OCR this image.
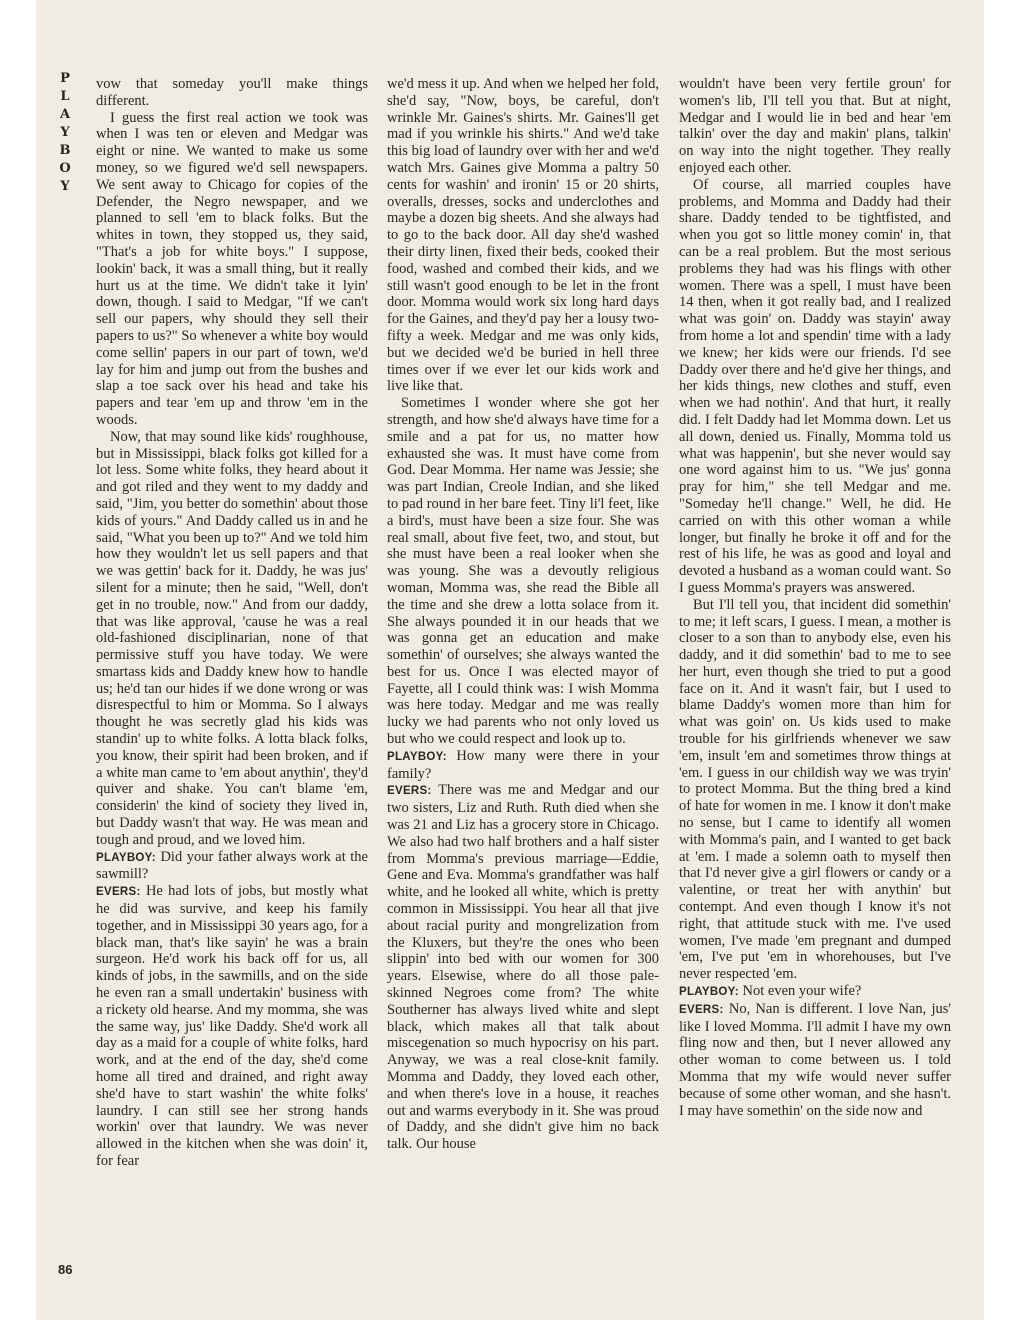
P
L
A
Y
B
O
Y

vow that someday you'll make things different.

I guess the first real action we took was when I was ten or eleven and Medgar was eight or nine. We wanted to make us some money, so we figured we'd sell newspapers. We sent away to Chicago for copies of the Defender, the Negro newspaper, and we planned to sell 'em to black folks. But the whites in town, they stopped us, they said, "That's a job for white boys." I suppose, lookin' back, it was a small thing, but it really hurt us at the time. We didn't take it lyin' down, though. I said to Medgar, "If we can't sell our papers, why should they sell their papers to us?" So whenever a white boy would come sellin' papers in our part of town, we'd lay for him and jump out from the bushes and slap a toe sack over his head and take his papers and tear 'em up and throw 'em in the woods.

Now, that may sound like kids' roughhouse, but in Mississippi, black folks got killed for a lot less. Some white folks, they heard about it and got riled and they went to my daddy and said, "Jim, you better do somethin' about those kids of yours." And Daddy called us in and he said, "What you been up to?" And we told him how they wouldn't let us sell papers and that we was gettin' back for it. Daddy, he was jus' silent for a minute; then he said, "Well, don't get in no trouble, now." And from our daddy, that was like approval, 'cause he was a real old-fashioned disciplinarian, none of that permissive stuff you have today. We were smartass kids and Daddy knew how to handle us; he'd tan our hides if we done wrong or was disrespectful to him or Momma. So I always thought he was secretly glad his kids was standin' up to white folks. A lotta black folks, you know, their spirit had been broken, and if a white man came to 'em about anythin', they'd quiver and shake. You can't blame 'em, considerin' the kind of society they lived in, but Daddy wasn't that way. He was mean and tough and proud, and we loved him.

PLAYBOY: Did your father always work at the sawmill?

EVERS: He had lots of jobs, but mostly what he did was survive, and keep his family together, and in Mississippi 30 years ago, for a black man, that's like sayin' he was a brain surgeon. He'd work his back off for us, all kinds of jobs, in the sawmills, and on the side he even ran a small undertakin' business with a rickety old hearse. And my momma, she was the same way, jus' like Daddy. She'd work all day as a maid for a couple of white folks, hard work, and at the end of the day, she'd come home all tired and drained, and right away she'd have to start washin' the white folks' laundry. I can still see her strong hands workin' over that laundry. We was never allowed in the kitchen when she was doin' it, for fear

we'd mess it up. And when we helped her fold, she'd say, "Now, boys, be careful, don't wrinkle Mr. Gaines's shirts. Mr. Gaines'll get mad if you wrinkle his shirts." And we'd take this big load of laundry over with her and we'd watch Mrs. Gaines give Momma a paltry 50 cents for washin' and ironin' 15 or 20 shirts, overalls, dresses, socks and underclothes and maybe a dozen big sheets. And she always had to go to the back door. All day she'd washed their dirty linen, fixed their beds, cooked their food, washed and combed their kids, and we still wasn't good enough to be let in the front door. Momma would work six long hard days for the Gaines, and they'd pay her a lousy two-fifty a week. Medgar and me was only kids, but we decided we'd be buried in hell three times over if we ever let our kids work and live like that.

Sometimes I wonder where she got her strength, and how she'd always have time for a smile and a pat for us, no matter how exhausted she was. It must have come from God. Dear Momma. Her name was Jessie; she was part Indian, Creole Indian, and she liked to pad round in her bare feet. Tiny li'l feet, like a bird's, must have been a size four. She was real small, about five feet, two, and stout, but she must have been a real looker when she was young. She was a devoutly religious woman, Momma was, she read the Bible all the time and she drew a lotta solace from it. She always pounded it in our heads that we was gonna get an education and make somethin' of ourselves; she always wanted the best for us. Once I was elected mayor of Fayette, all I could think was: I wish Momma was here today. Medgar and me was really lucky we had parents who not only loved us but who we could respect and look up to.

PLAYBOY: How many were there in your family?

EVERS: There was me and Medgar and our two sisters, Liz and Ruth. Ruth died when she was 21 and Liz has a grocery store in Chicago. We also had two half brothers and a half sister from Momma's previous marriage—Eddie, Gene and Eva. Momma's grandfather was half white, and he looked all white, which is pretty common in Mississippi. You hear all that jive about racial purity and mongrelization from the Kluxers, but they're the ones who been slippin' into bed with our women for 300 years. Elsewise, where do all those pale-skinned Negroes come from? The white Southerner has always lived white and slept black, which makes all that talk about miscegenation so much hypocrisy on his part. Anyway, we was a real close-knit family. Momma and Daddy, they loved each other, and when there's love in a house, it reaches out and warms everybody in it. She was proud of Daddy, and she didn't give him no back talk. Our house

wouldn't have been very fertile groun' for women's lib, I'll tell you that. But at night, Medgar and I would lie in bed and hear 'em talkin' over the day and makin' plans, talkin' on way into the night together. They really enjoyed each other.

Of course, all married couples have problems, and Momma and Daddy had their share. Daddy tended to be tightfisted, and when you got so little money comin' in, that can be a real problem. But the most serious problems they had was his flings with other women. There was a spell, I must have been 14 then, when it got really bad, and I realized what was goin' on. Daddy was stayin' away from home a lot and spendin' time with a lady we knew; her kids were our friends. I'd see Daddy over there and he'd give her things, and her kids things, new clothes and stuff, even when we had nothin'. And that hurt, it really did. I felt Daddy had let Momma down. Let us all down, denied us. Finally, Momma told us what was happenin', but she never would say one word against him to us. "We jus' gonna pray for him," she tell Medgar and me. "Someday he'll change." Well, he did. He carried on with this other woman a while longer, but finally he broke it off and for the rest of his life, he was as good and loyal and devoted a husband as a woman could want. So I guess Momma's prayers was answered.

But I'll tell you, that incident did somethin' to me; it left scars, I guess. I mean, a mother is closer to a son than to anybody else, even his daddy, and it did somethin' bad to me to see her hurt, even though she tried to put a good face on it. And it wasn't fair, but I used to blame Daddy's women more than him for what was goin' on. Us kids used to make trouble for his girlfriends whenever we saw 'em, insult 'em and sometimes throw things at 'em. I guess in our childish way we was tryin' to protect Momma. But the thing bred a kind of hate for women in me. I know it don't make no sense, but I came to identify all women with Momma's pain, and I wanted to get back at 'em. I made a solemn oath to myself then that I'd never give a girl flowers or candy or a valentine, or treat her with anythin' but contempt. And even though I know it's not right, that attitude stuck with me. I've used women, I've made 'em pregnant and dumped 'em, I've put 'em in whorehouses, but I've never respected 'em.

PLAYBOY: Not even your wife?

EVERS: No, Nan is different. I love Nan, jus' like I loved Momma. I'll admit I have my own fling now and then, but I never allowed any other woman to come between us. I told Momma that my wife would never suffer because of some other woman, and she hasn't. I may have somethin' on the side now and

86
